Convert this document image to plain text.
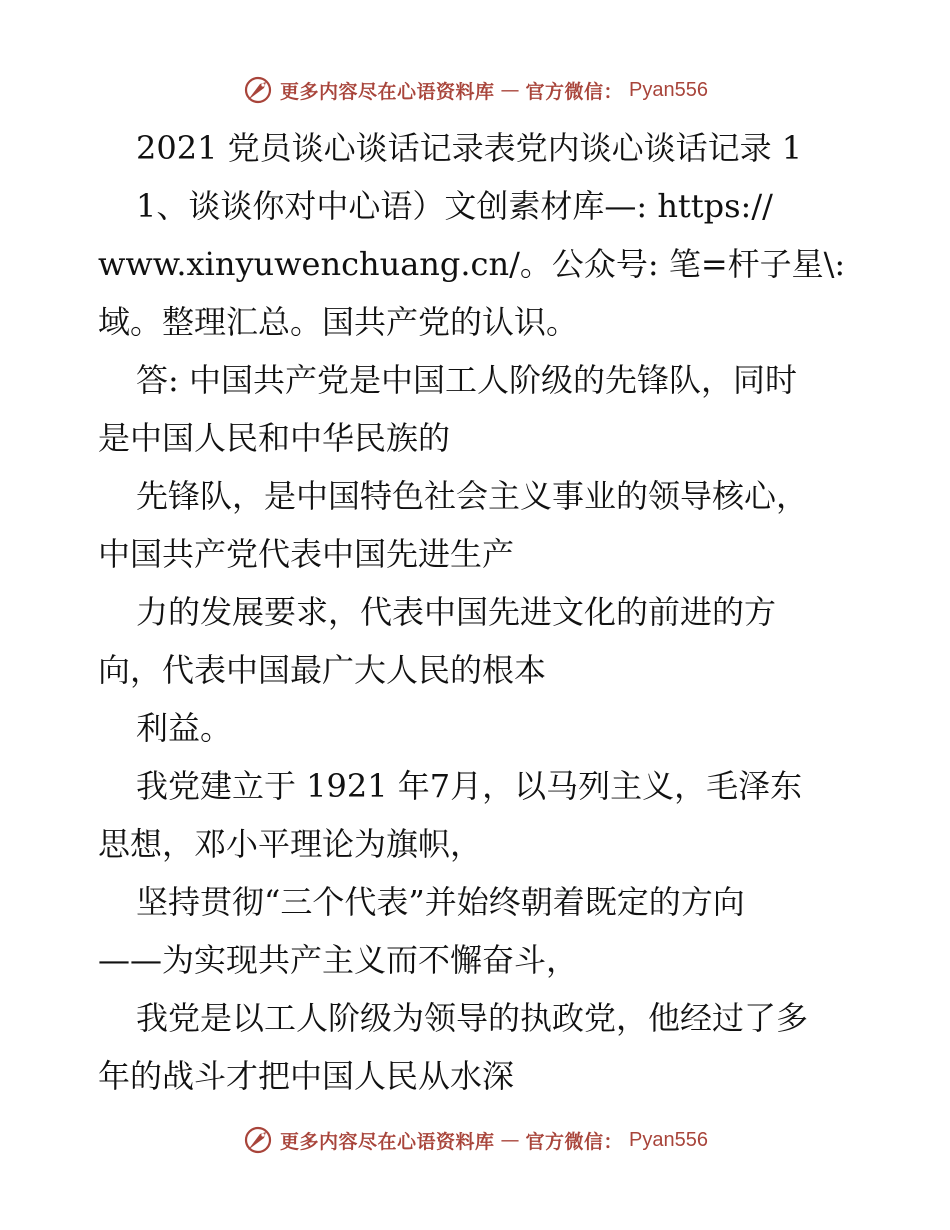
更多内容尽在心语资料库 — 官方微信： Pyan556
2021 党员谈心谈话记录表党内谈心谈话记录 1
1、谈谈你对中心语）文创素材库—: https://
www.xinyuwenchuang.cn/。公众号: 笔=杆子星\:
域。整理汇总。国共产党的认识。
答: 中国共产党是中国工人阶级的先锋队，同时
是中国人民和中华民族的
先锋队，是中国特色社会主义事业的领导核心，
中国共产党代表中国先进生产
力的发展要求，代表中国先进文化的前进的方
向，代表中国最广大人民的根本
利益。
我党建立于 1921 年7月，以马列主义，毛泽东
思想，邓小平理论为旗帜，
坚持贯彻“三个代表”并始终朝着既定的方向
——为实现共产主义而不懈奋斗，
我党是以工人阶级为领导的执政党，他经过了多
年的战斗才把中国人民从水深
更多内容尽在心语资料库 — 官方微信： Pyan556
